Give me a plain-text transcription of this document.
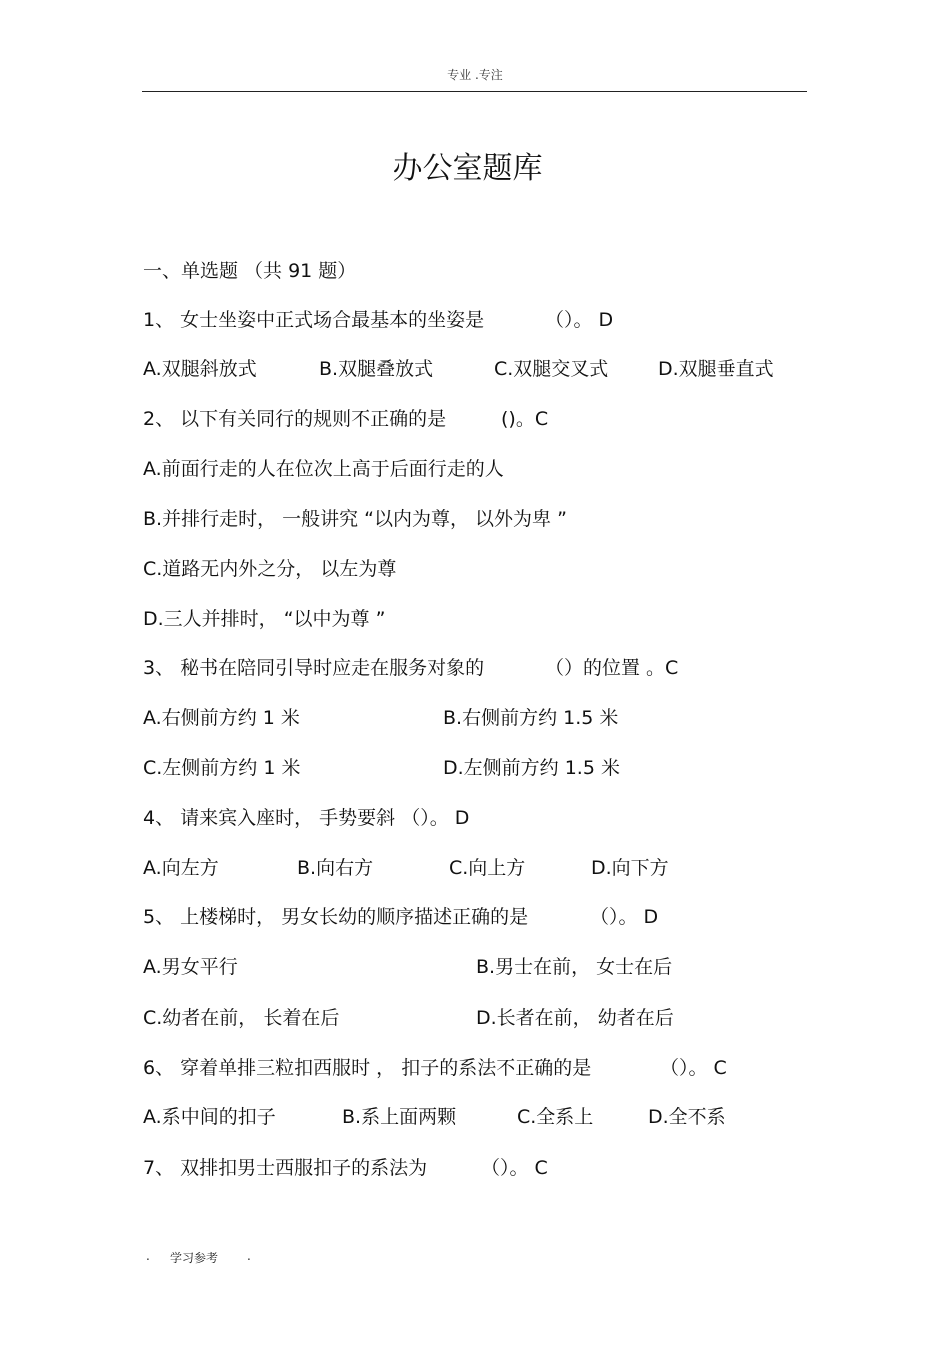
专业 .专注
办公室题库
一、单选题 （共 91 题）
1、 女士坐姿中正式场合最基本的坐姿是	（）。 D
A.双腿斜放式	B.双腿叠放式	C.双腿交叉式	D.双腿垂直式
2、 以下有关同行的规则不正确的是	()。C
A.前面行走的人在位次上高于后面行走的人
B.并排行走时， 一般讲究 “以内为尊， 以外为卑 ”
C.道路无内外之分， 以左为尊
D.三人并排时， “以中为尊 ”
3、 秘书在陪同引导时应走在服务对象的	（）的位置 。C
A.右侧前方约 1 米	B.右侧前方约 1.5 米
C.左侧前方约 1 米	D.左侧前方约 1.5 米
4、 请来宾入座时， 手势要斜 （）。 D
A.向左方	B.向右方	C.向上方	D.向下方
5、 上楼梯时， 男女长幼的顺序描述正确的是	（）。 D
A.男女平行	B.男士在前， 女士在后
C.幼者在前， 长着在后	D.长者在前， 幼者在后
6、 穿着单排三粒扣西服时 ， 扣子的系法不正确的是	（）。 C
A.系中间的扣子	B.系上面两颗	C.全系上	D.全不系
7、 双排扣男士西服扣子的系法为	（）。 C
. 学习参考 .
